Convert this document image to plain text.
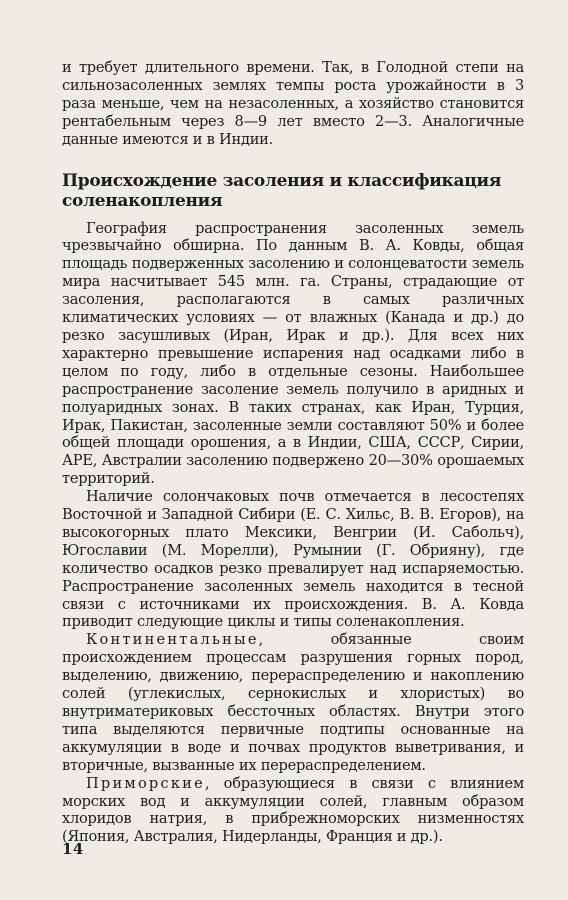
и требует длительного времени. Так, в Голодной степи на сильнозасоленных землях темпы роста урожайности в 3 раза меньше, чем на незасоленных, а хозяйство становится рентабельным через 8—9 лет вместо 2—3. Аналогичные данные имеются и в Индии.

Происхождение засоления и классификация соленакопления

География распространения засоленных земель чрезвычайно обширна. По данным В. А. Ковды, общая площадь подверженных засолению и солонцеватости земель мира насчитывает 545 млн. га. Страны, страдающие от засоления, располагаются в самых различных климатических условиях — от влажных (Канада и др.) до резко засушливых (Иран, Ирак и др.). Для всех них характерно превышение испарения над осадками либо в целом по году, либо в отдельные сезоны. Наибольшее распространение засоление земель получило в аридных и полуаридных зонах. В таких странах, как Иран, Турция, Ирак, Пакистан, засоленные земли составляют 50% и более общей площади орошения, а в Индии, США, СССР, Сирии, АРЕ, Австралии засолению подвержено 20—30% орошаемых территорий.

Наличие солончаковых почв отмечается в лесостепях Восточной и Западной Сибири (Е. С. Хильс, В. В. Егоров), на высокогорных плато Мексики, Венгрии (И. Сабольч), Югославии (М. Морелли), Румынии (Г. Обрияну), где количество осадков резко превалирует над испаряемостью. Распространение засоленных земель находится в тесной связи с источниками их происхождения. В. А. Ковда приводит следующие циклы и типы соленакопления.

Континентальные, обязанные своим происхождением процессам разрушения горных пород, выделению, движению, перераспределению и накоплению солей (углекислых, сернокислых и хлористых) во внутриматериковых бессточных областях. Внутри этого типа выделяются первичные подтипы основанные на аккумуляции в воде и почвах продуктов выветривания, и вторичные, вызванные их перераспределением.

Приморские, образующиеся в связи с влиянием морских вод и аккумуляции солей, главным образом хлоридов натрия, в прибрежноморских низменностях (Япония, Австралия, Нидерланды, Франция и др.).

14
